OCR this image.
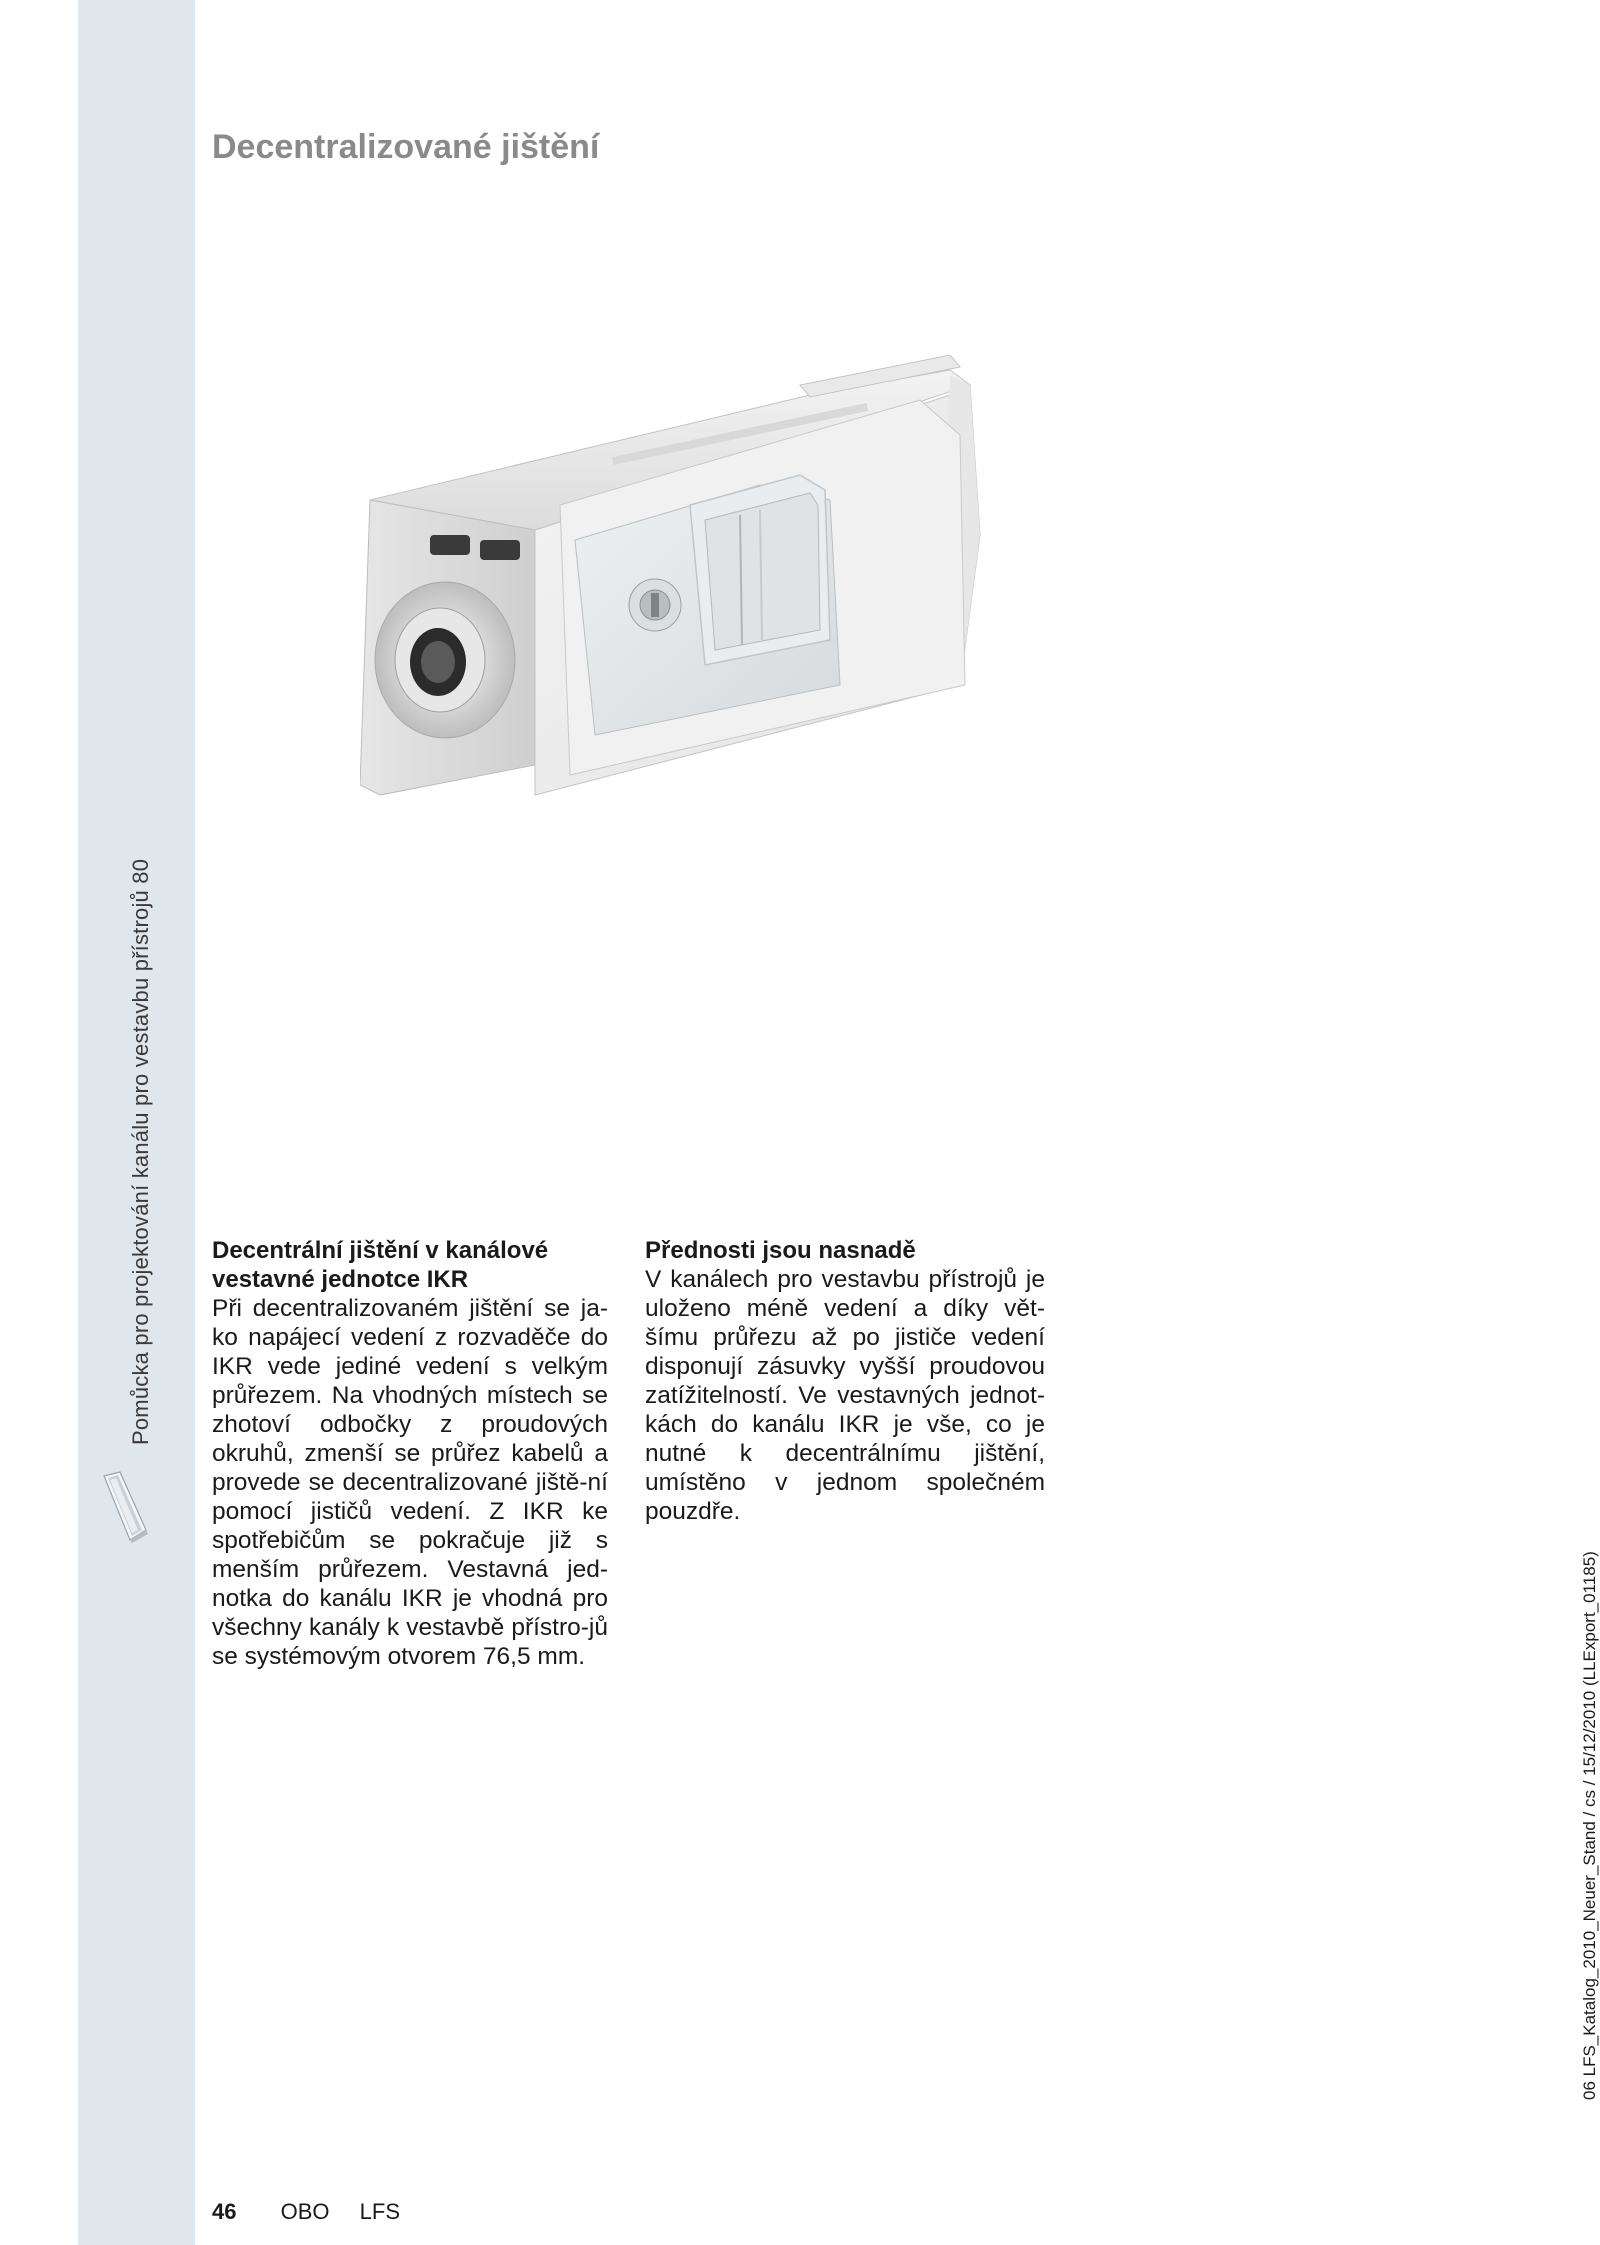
Pomůcka pro projektování kanálu pro vestavbu přístrojů 80
Decentralizované jištění
Decentrální jištění v kanálové
vestavné jednotce IKR

Při decentralizovaném jištění se ja-ko napájecí vedení z rozvaděče do IKR vede jediné vedení s velkým průřezem. Na vhodných místech se zhotoví odbočky z proudových okruhů, zmenší se průřez kabelů a provede se decentralizované jiště-ní pomocí jističů vedení. Z IKR ke spotřebičům se pokračuje již s menším průřezem. Vestavná jed-notka do kanálu IKR je vhodná pro všechny kanály k vestavbě přístro-jů se systémovým otvorem 76,5 mm.

Přednosti jsou nasnadě

V kanálech pro vestavbu přístrojů je uloženo méně vedení a díky vět-šímu průřezu až po jističe vedení disponují zásuvky vyšší proudovou zatížitelností. Ve vestavných jednot-kách do kanálu IKR je vše, co je nutné k decentrálnímu jištění, umístěno v jednom společném pouzdře.

46 OBO LFS
06 LFS_Katalog_2010_Neuer_Stand / cs / 15/12/2010 (LLExport_01185)
